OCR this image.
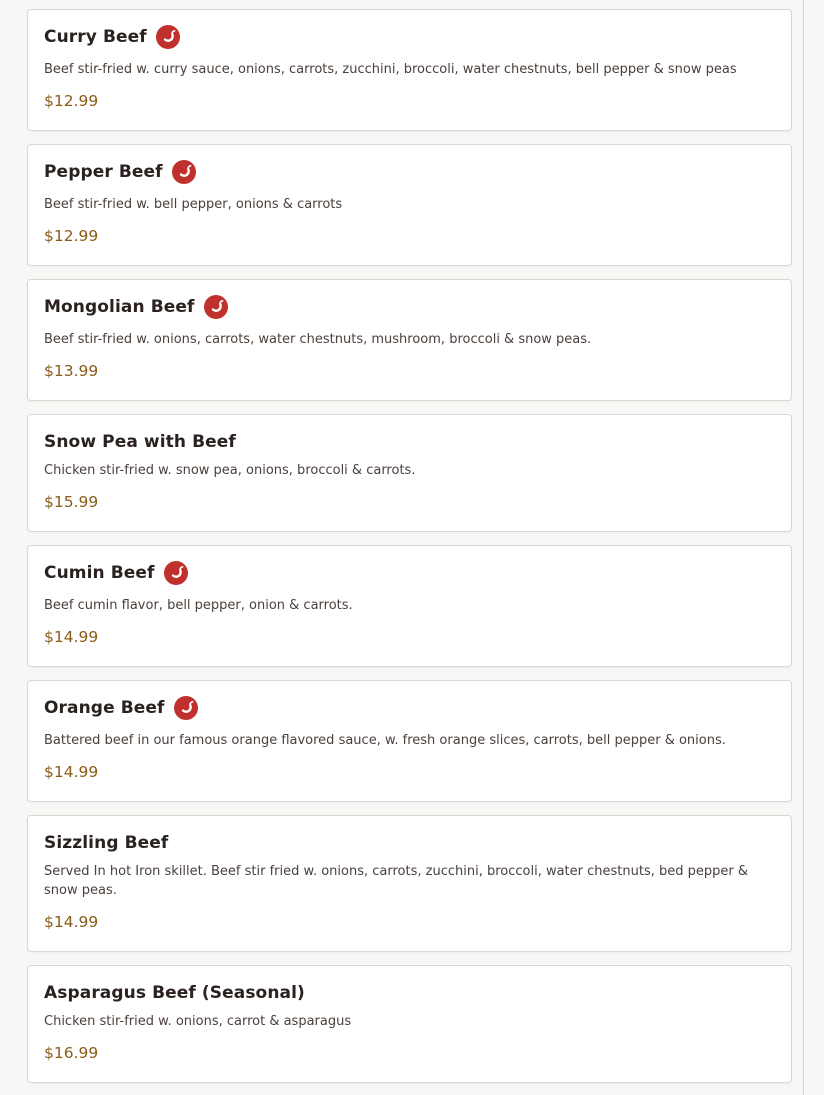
Curry Beef
Beef stir-fried w. curry sauce, onions, carrots, zucchini, broccoli, water chestnuts, bell pepper & snow peas
$12.99
Pepper Beef
Beef stir-fried w. bell pepper, onions & carrots
$12.99
Mongolian Beef
Beef stir-fried w. onions, carrots, water chestnuts, mushroom, broccoli & snow peas.
$13.99
Snow Pea with Beef
Chicken stir-fried w. snow pea, onions, broccoli & carrots.
$15.99
Cumin Beef
Beef cumin flavor, bell pepper, onion & carrots.
$14.99
Orange Beef
Battered beef in our famous orange flavored sauce, w. fresh orange slices, carrots, bell pepper & onions.
$14.99
Sizzling Beef
Served In hot Iron skillet. Beef stir fried w. onions, carrots, zucchini, broccoli, water chestnuts, bed pepper & snow peas.
$14.99
Asparagus Beef (Seasonal)
Chicken stir-fried w. onions, carrot & asparagus
$16.99
